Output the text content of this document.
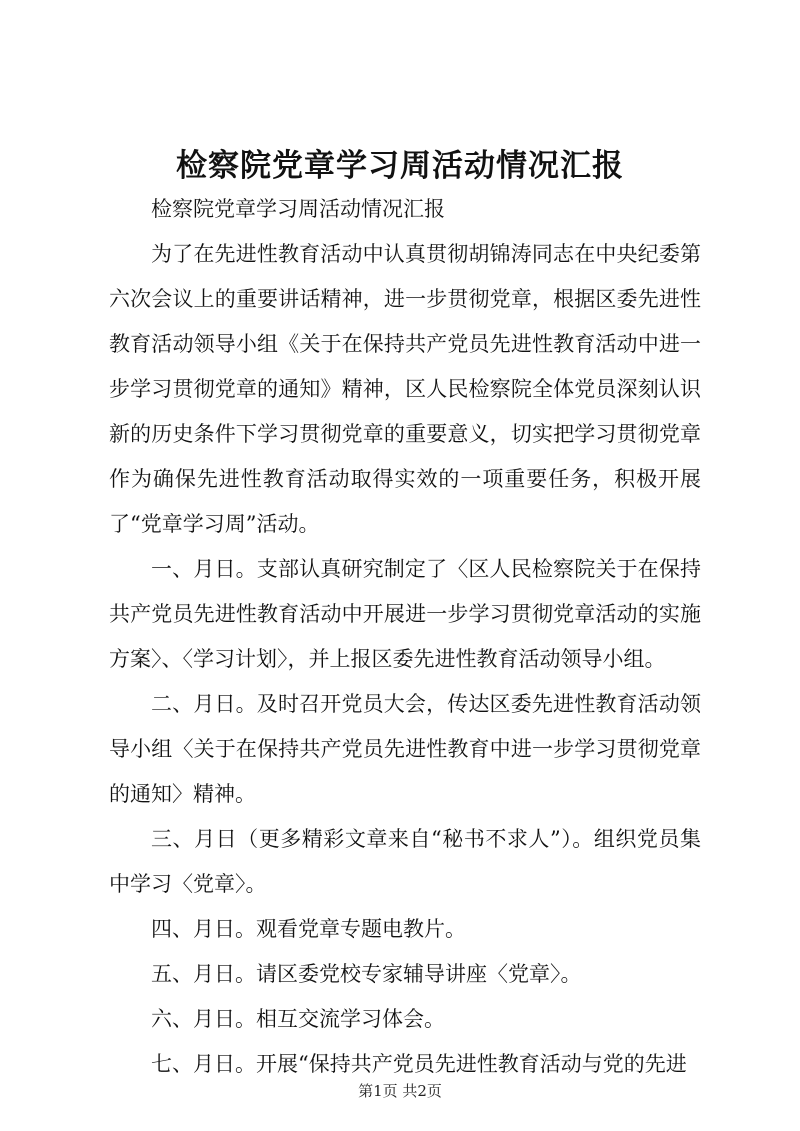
检察院党章学习周活动情况汇报

检察院党章学习周活动情况汇报

为了在先进性教育活动中认真贯彻胡锦涛同志在中央纪委第六次会议上的重要讲话精神，进一步贯彻党章，根据区委先进性教育活动领导小组《关于在保持共产党员先进性教育活动中进一步学习贯彻党章的通知》精神，区人民检察院全体党员深刻认识新的历史条件下学习贯彻党章的重要意义，切实把学习贯彻党章作为确保先进性教育活动取得实效的一项重要任务，积极开展了“党章学习周”活动。

一、月日。支部认真研究制定了〈区人民检察院关于在保持共产党员先进性教育活动中开展进一步学习贯彻党章活动的实施方案〉、〈学习计划〉，并上报区委先进性教育活动领导小组。

二、月日。及时召开党员大会，传达区委先进性教育活动领导小组〈关于在保持共产党员先进性教育中进一步学习贯彻党章的通知〉精神。

三、月日（更多精彩文章来自“秘书不求人”）。组织党员集中学习〈党章〉。

四、月日。观看党章专题电教片。

五、月日。请区委党校专家辅导讲座〈党章〉。

六、月日。相互交流学习体会。

七、月日。开展“保持共产党员先进性教育活动与党的先进

第1页 共2页
